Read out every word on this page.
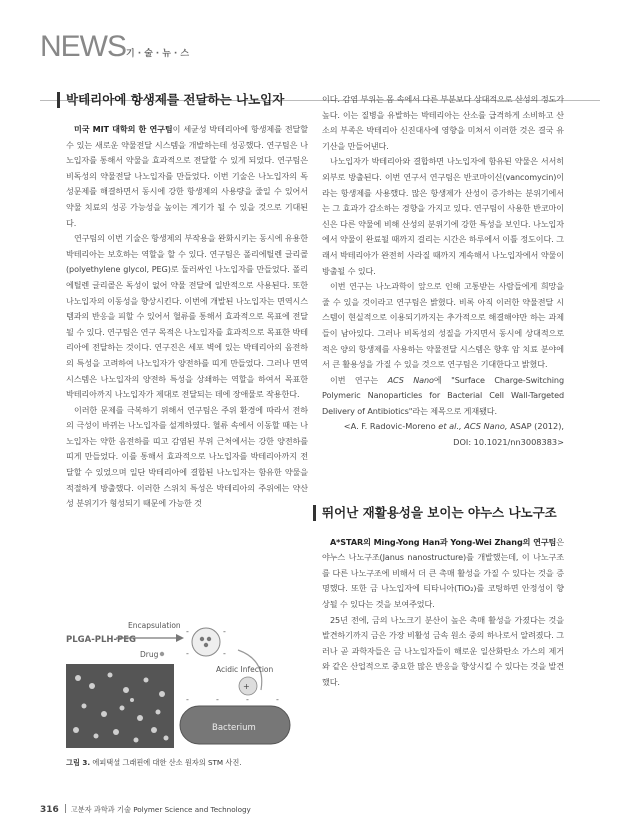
NEWS 기·술·뉴·스
박테리아에 항생제를 전달하는 나노입자

미국 MIT 대학의 한 연구팀이 세균성 박테리아에 항생제를 전달할 수 있는 새로운 약물전달 시스템을 개발하는데 성공했다. 연구팀은 나노입자를 통해서 약물을 효과적으로 전달할 수 있게 되었다. 연구팀은 비독성의 약물전달 나노입자를 만들었다. 이번 기술은 나노입자의 독성문제를 해결하면서 동시에 강한 항생제의 사용량을 줄일 수 있어서 약물 치료의 성공 가능성을 높이는 계기가 될 수 있을 것으로 기대된다.

연구팀의 이번 기술은 항생제의 부작용을 완화시키는 동시에 유용한 박테리아는 보호하는 역할을 할 수 있다. 연구팀은 폴리에틸렌 글리콜(polyethylene glycol, PEG)로 둘러싸인 나노입자를 만들었다. 폴리에틸렌 글리콜은 독성이 없어 약물 전달에 일반적으로 사용된다. 또한 나노입자의 이동성을 향상시킨다. 이번에 개발된 나노입자는 면역시스템과의 반응을 피할 수 있어서 혈류를 통해서 효과적으로 목표에 전달될 수 있다. 연구팀은 연구 목적은 나노입자를 효과적으로 목표한 박테리아에 전달하는 것이다. 연구진은 세포 벽에 있는 박테리아의 음전하의 특성을 고려하여 나노입자가 양전하를 띠게 만들었다. 그러나 면역시스템은 나노입자의 양전하 특성을 상쇄하는 역할을 하여서 목표한 박테리아까지 나노입자가 제대로 전달되는 데에 장애물로 작용한다.

이러한 문제를 극복하기 위해서 연구팀은 주위 환경에 따라서 전하의 극성이 바뀌는 나노입자를 설계하였다. 혈류 속에서 이동할 때는 나노입자는 약한 음전하를 띠고 감염된 부위 근처에서는 강한 양전하를 띠게 만들었다. 이를 통해서 효과적으로 나노입자를 박테리아까지 전달할 수 있었으며 일단 박테리아에 결합된 나노입자는 함유한 약물을 적절하게 방출했다. 이러한 스위치 특성은 박테리아의 주위에는 약산성 분위기가 형성되기 때문에 가능한 것

PLGA-PLH-PEG
Encapsulation
Drug
-	-
-	-
Acidic Infection
+
Bacterium
-	-	-	-
그림 3. 에피택셜 그래핀에 대한 산소 원자의 STM 사진.

이다. 감염 부위는 몸 속에서 다른 부분보다 상대적으로 산성의 정도가 높다. 이는 질병을 유발하는 박테리아는 산소를 급격하게 소비하고 산소의 부족은 박테리아 신진대사에 영향을 미쳐서 이러한 것은 결국 유기산을 만들어낸다.

나노입자가 박테리아와 결합하면 나노입자에 함유된 약물은 서서히 외부로 방출된다. 이번 연구서 연구팀은 반코마이신(vancomycin)이라는 항생제를 사용했다. 많은 항생제가 산성이 증가하는 분위기에서는 그 효과가 감소하는 경향을 가지고 있다. 연구팀이 사용한 반코마이신은 다른 약물에 비해 산성의 분위기에 강한 특성을 보인다. 나노입자에서 약물이 완료될 때까지 걸리는 시간은 하루에서 이틀 정도이다. 그래서 박테리아가 완전히 사라질 때까지 계속해서 나노입자에서 약물이 방출될 수 있다.

이번 연구는 나노과학이 앞으로 인해 고통받는 사람들에게 희망을 줄 수 있을 것이라고 연구팀은 밝혔다. 비록 아직 이러한 약물전달 시스템이 현실적으로 이용되기까지는 추가적으로 해결해야만 하는 과제들이 남아있다. 그러나 비독성의 성질을 가지면서 동시에 상대적으로 적은 양의 항생제를 사용하는 약물전달 시스템은 향후 암 치료 분야에서 큰 활용성을 가질 수 있을 것으로 연구팀은 기대한다고 밝혔다.

이번 연구는 ACS Nano에 "Surface Charge-Switching Polymeric Nanoparticles for Bacterial Cell Wall-Targeted Delivery of Antibiotics"라는 제목으로 게재됐다.

<A. F. Radovic-Moreno et al., ACS Nano, ASAP (2012),

DOI: 10.1021/nn3008383>

뛰어난 재활용성을 보이는 야누스 나노구조

A*STAR의 Ming-Yong Han과 Yong-Wei Zhang의 연구팀은 야누스 나노구조(Janus nanostructure)를 개발했는데, 이 나노구조를 다른 나노구조에 비해서 더 큰 촉매 활성을 가질 수 있다는 것을 증명했다. 또한 금 나노입자에 티타니아(TiO₂)를 코팅하면 안정성이 향상될 수 있다는 것을 보여주었다.

25년 전에, 금의 나노크기 분산이 높은 촉매 활성을 가졌다는 것을 발견하기까지 금은 가장 비활성 금속 원소 중의 하나로서 알려졌다. 그러나 곧 과학자들은 금 나노입자들이 해로운 일산화탄소 가스의 제거와 같은 산업적으로 중요한 많은 반응을 향상시킬 수 있다는 것을 발견했다.

316 고분자 과학과 기술 Polymer Science and Technology
